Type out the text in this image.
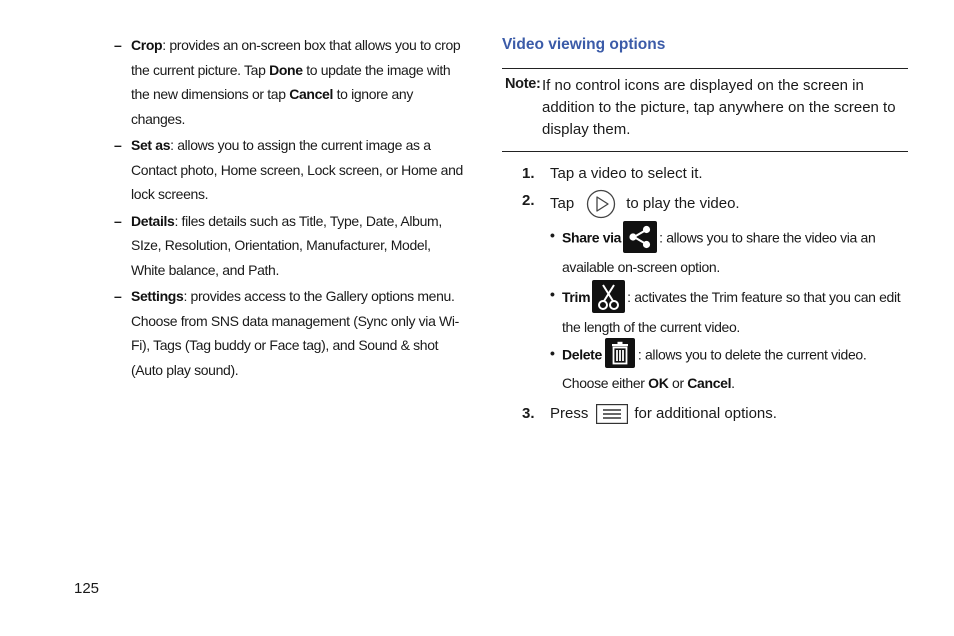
– Crop: provides an on-screen box that allows you to crop the current picture. Tap Done to update the image with the new dimensions or tap Cancel to ignore any changes.
– Set as: allows you to assign the current image as a Contact photo, Home screen, Lock screen, or Home and lock screens.
– Details: files details such as Title, Type, Date, Album, SIze, Resolution, Orientation, Manufacturer, Model, White balance, and Path.
– Settings: provides access to the Gallery options menu. Choose from SNS data management (Sync only via Wi-Fi), Tags (Tag buddy or Face tag), and Sound & shot (Auto play sound).
Video viewing options
Note: If no control icons are displayed on the screen in addition to the picture, tap anywhere on the screen to display them.
1. Tap a video to select it.
2. Tap	to play the video.
• Share via	: allows you to share the video via an available on-screen option.
• Trim	: activates the Trim feature so that you can edit the length of the current video.
• Delete	: allows you to delete the current video.
Choose either OK or Cancel.
3. Press	for additional options.
125
